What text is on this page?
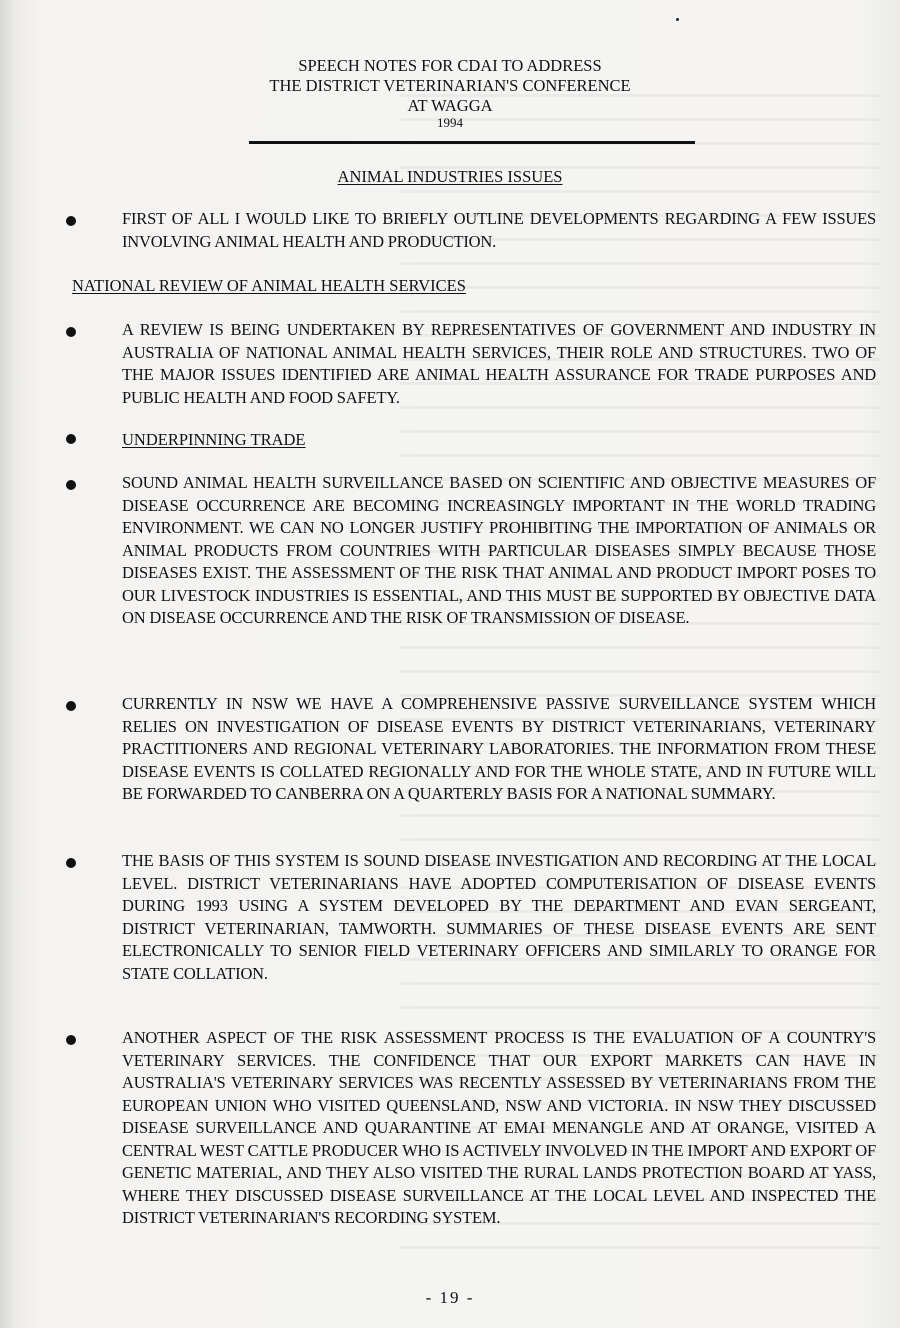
SPEECH NOTES FOR CDAI TO ADDRESS
THE DISTRICT VETERINARIAN'S CONFERENCE
AT WAGGA
1994
ANIMAL INDUSTRIES ISSUES
FIRST OF ALL I WOULD LIKE TO BRIEFLY OUTLINE DEVELOPMENTS REGARDING A FEW ISSUES INVOLVING ANIMAL HEALTH AND PRODUCTION.
NATIONAL REVIEW OF ANIMAL HEALTH SERVICES
A REVIEW IS BEING UNDERTAKEN BY REPRESENTATIVES OF GOVERNMENT AND INDUSTRY IN AUSTRALIA OF NATIONAL ANIMAL HEALTH SERVICES, THEIR ROLE AND STRUCTURES. TWO OF THE MAJOR ISSUES IDENTIFIED ARE ANIMAL HEALTH ASSURANCE FOR TRADE PURPOSES AND PUBLIC HEALTH AND FOOD SAFETY.
UNDERPINNING TRADE
SOUND ANIMAL HEALTH SURVEILLANCE BASED ON SCIENTIFIC AND OBJECTIVE MEASURES OF DISEASE OCCURRENCE ARE BECOMING INCREASINGLY IMPORTANT IN THE WORLD TRADING ENVIRONMENT. WE CAN NO LONGER JUSTIFY PROHIBITING THE IMPORTATION OF ANIMALS OR ANIMAL PRODUCTS FROM COUNTRIES WITH PARTICULAR DISEASES SIMPLY BECAUSE THOSE DISEASES EXIST. THE ASSESSMENT OF THE RISK THAT ANIMAL AND PRODUCT IMPORT POSES TO OUR LIVESTOCK INDUSTRIES IS ESSENTIAL, AND THIS MUST BE SUPPORTED BY OBJECTIVE DATA ON DISEASE OCCURRENCE AND THE RISK OF TRANSMISSION OF DISEASE.
CURRENTLY IN NSW WE HAVE A COMPREHENSIVE PASSIVE SURVEILLANCE SYSTEM WHICH RELIES ON INVESTIGATION OF DISEASE EVENTS BY DISTRICT VETERINARIANS, VETERINARY PRACTITIONERS AND REGIONAL VETERINARY LABORATORIES. THE INFORMATION FROM THESE DISEASE EVENTS IS COLLATED REGIONALLY AND FOR THE WHOLE STATE, AND IN FUTURE WILL BE FORWARDED TO CANBERRA ON A QUARTERLY BASIS FOR A NATIONAL SUMMARY.
THE BASIS OF THIS SYSTEM IS SOUND DISEASE INVESTIGATION AND RECORDING AT THE LOCAL LEVEL. DISTRICT VETERINARIANS HAVE ADOPTED COMPUTERISATION OF DISEASE EVENTS DURING 1993 USING A SYSTEM DEVELOPED BY THE DEPARTMENT AND EVAN SERGEANT, DISTRICT VETERINARIAN, TAMWORTH. SUMMARIES OF THESE DISEASE EVENTS ARE SENT ELECTRONICALLY TO SENIOR FIELD VETERINARY OFFICERS AND SIMILARLY TO ORANGE FOR STATE COLLATION.
ANOTHER ASPECT OF THE RISK ASSESSMENT PROCESS IS THE EVALUATION OF A COUNTRY'S VETERINARY SERVICES. THE CONFIDENCE THAT OUR EXPORT MARKETS CAN HAVE IN AUSTRALIA'S VETERINARY SERVICES WAS RECENTLY ASSESSED BY VETERINARIANS FROM THE EUROPEAN UNION WHO VISITED QUEENSLAND, NSW AND VICTORIA. IN NSW THEY DISCUSSED DISEASE SURVEILLANCE AND QUARANTINE AT EMAI MENANGLE AND AT ORANGE, VISITED A CENTRAL WEST CATTLE PRODUCER WHO IS ACTIVELY INVOLVED IN THE IMPORT AND EXPORT OF GENETIC MATERIAL, AND THEY ALSO VISITED THE RURAL LANDS PROTECTION BOARD AT YASS, WHERE THEY DISCUSSED DISEASE SURVEILLANCE AT THE LOCAL LEVEL AND INSPECTED THE DISTRICT VETERINARIAN'S RECORDING SYSTEM.
- 19 -
